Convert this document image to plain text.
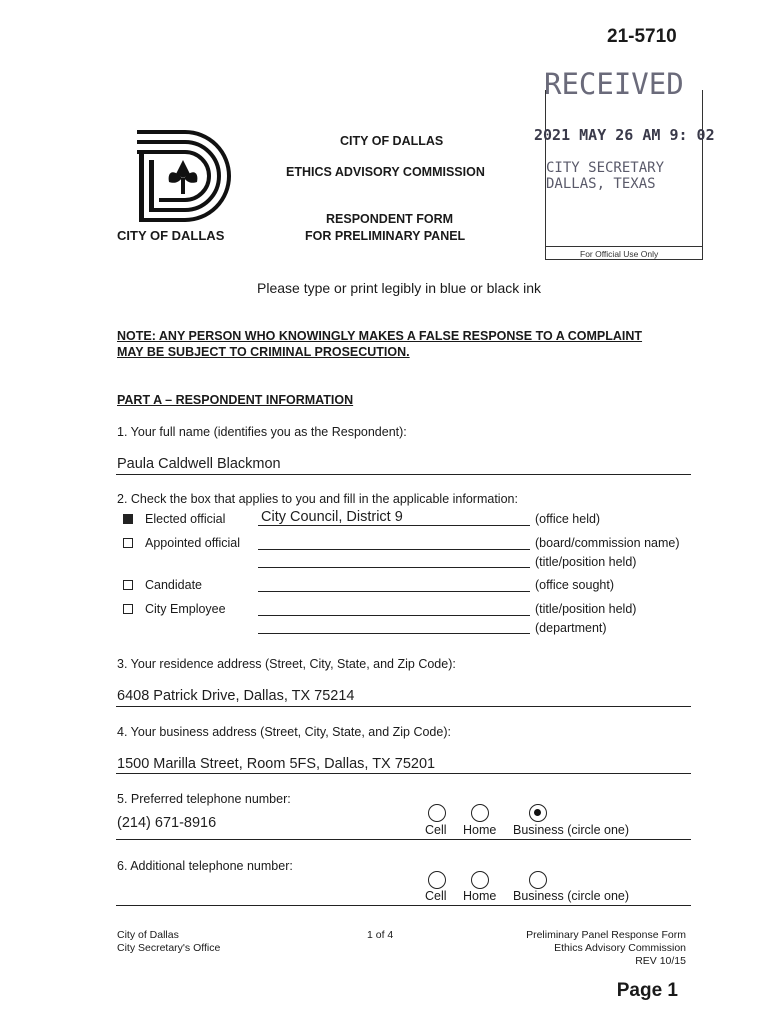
21-5710
CITY OF DALLAS
CITY OF DALLAS
ETHICS ADVISORY COMMISSION
RESPONDENT FORM
FOR PRELIMINARY PANEL
RECEIVED
2021 MAY 26 AM 9: 02
CITY SECRETARY
DALLAS, TEXAS
For Official Use Only
Please type or print legibly in blue or black ink
NOTE: ANY PERSON WHO KNOWINGLY MAKES A FALSE RESPONSE TO A COMPLAINT
MAY BE SUBJECT TO CRIMINAL PROSECUTION.
PART A – RESPONDENT INFORMATION
1. Your full name (identifies you as the Respondent):
Paula Caldwell Blackmon
2. Check the box that applies to you and fill in the applicable information:
Elected official City Council, District 9	(office held)
Appointed official	(board/commission name)
(title/position held)
Candidate	(office sought)
City Employee	(title/position held)
(department)
3. Your residence address (Street, City, State, and Zip Code):
6408 Patrick Drive, Dallas, TX 75214
4. Your business address (Street, City, State, and Zip Code):
1500 Marilla Street, Room 5FS, Dallas, TX 75201
5. Preferred telephone number:
(214) 671-8916	Cell Home Business (circle one)
6. Additional telephone number:
Cell Home Business (circle one)
City of Dallas
City Secretary's Office
1 of 4	Preliminary Panel Response Form
Ethics Advisory Commission
REV 10/15
Page 1
